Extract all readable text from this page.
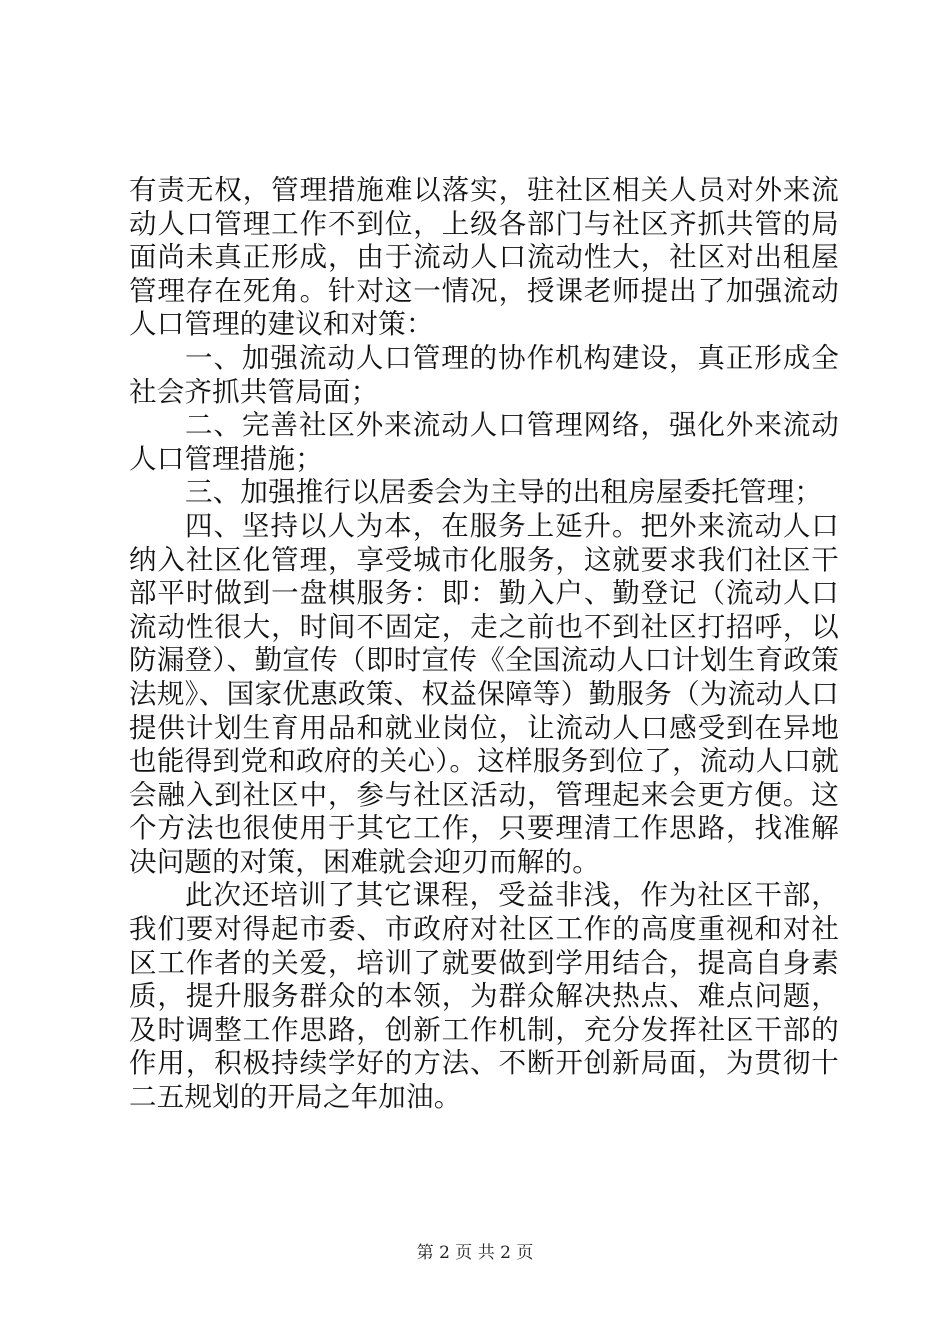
有责无权，管理措施难以落实，驻社区相关人员对外来流动人口管理工作不到位，上级各部门与社区齐抓共管的局面尚未真正形成，由于流动人口流动性大，社区对出租屋管理存在死角。针对这一情况，授课老师提出了加强流动人口管理的建议和对策：

一、加强流动人口管理的协作机构建设，真正形成全社会齐抓共管局面；

二、完善社区外来流动人口管理网络，强化外来流动人口管理措施；

三、加强推行以居委会为主导的出租房屋委托管理；

四、坚持以人为本，在服务上延升。把外来流动人口纳入社区化管理，享受城市化服务，这就要求我们社区干部平时做到一盘棋服务：即：勤入户、勤登记（流动人口流动性很大，时间不固定，走之前也不到社区打招呼，以防漏登）、勤宣传（即时宣传《全国流动人口计划生育政策法规》、国家优惠政策、权益保障等）勤服务（为流动人口提供计划生育用品和就业岗位，让流动人口感受到在异地也能得到党和政府的关心）。这样服务到位了，流动人口就会融入到社区中，参与社区活动，管理起来会更方便。这个方法也很使用于其它工作，只要理清工作思路，找准解决问题的对策，困难就会迎刃而解的。

此次还培训了其它课程，受益非浅，作为社区干部，我们要对得起市委、市政府对社区工作的高度重视和对社区工作者的关爱，培训了就要做到学用结合，提高自身素质，提升服务群众的本领，为群众解决热点、难点问题，及时调整工作思路，创新工作机制，充分发挥社区干部的作用，积极持续学好的方法、不断开创新局面，为贯彻十二五规划的开局之年加油。

第 2 页 共 2 页
